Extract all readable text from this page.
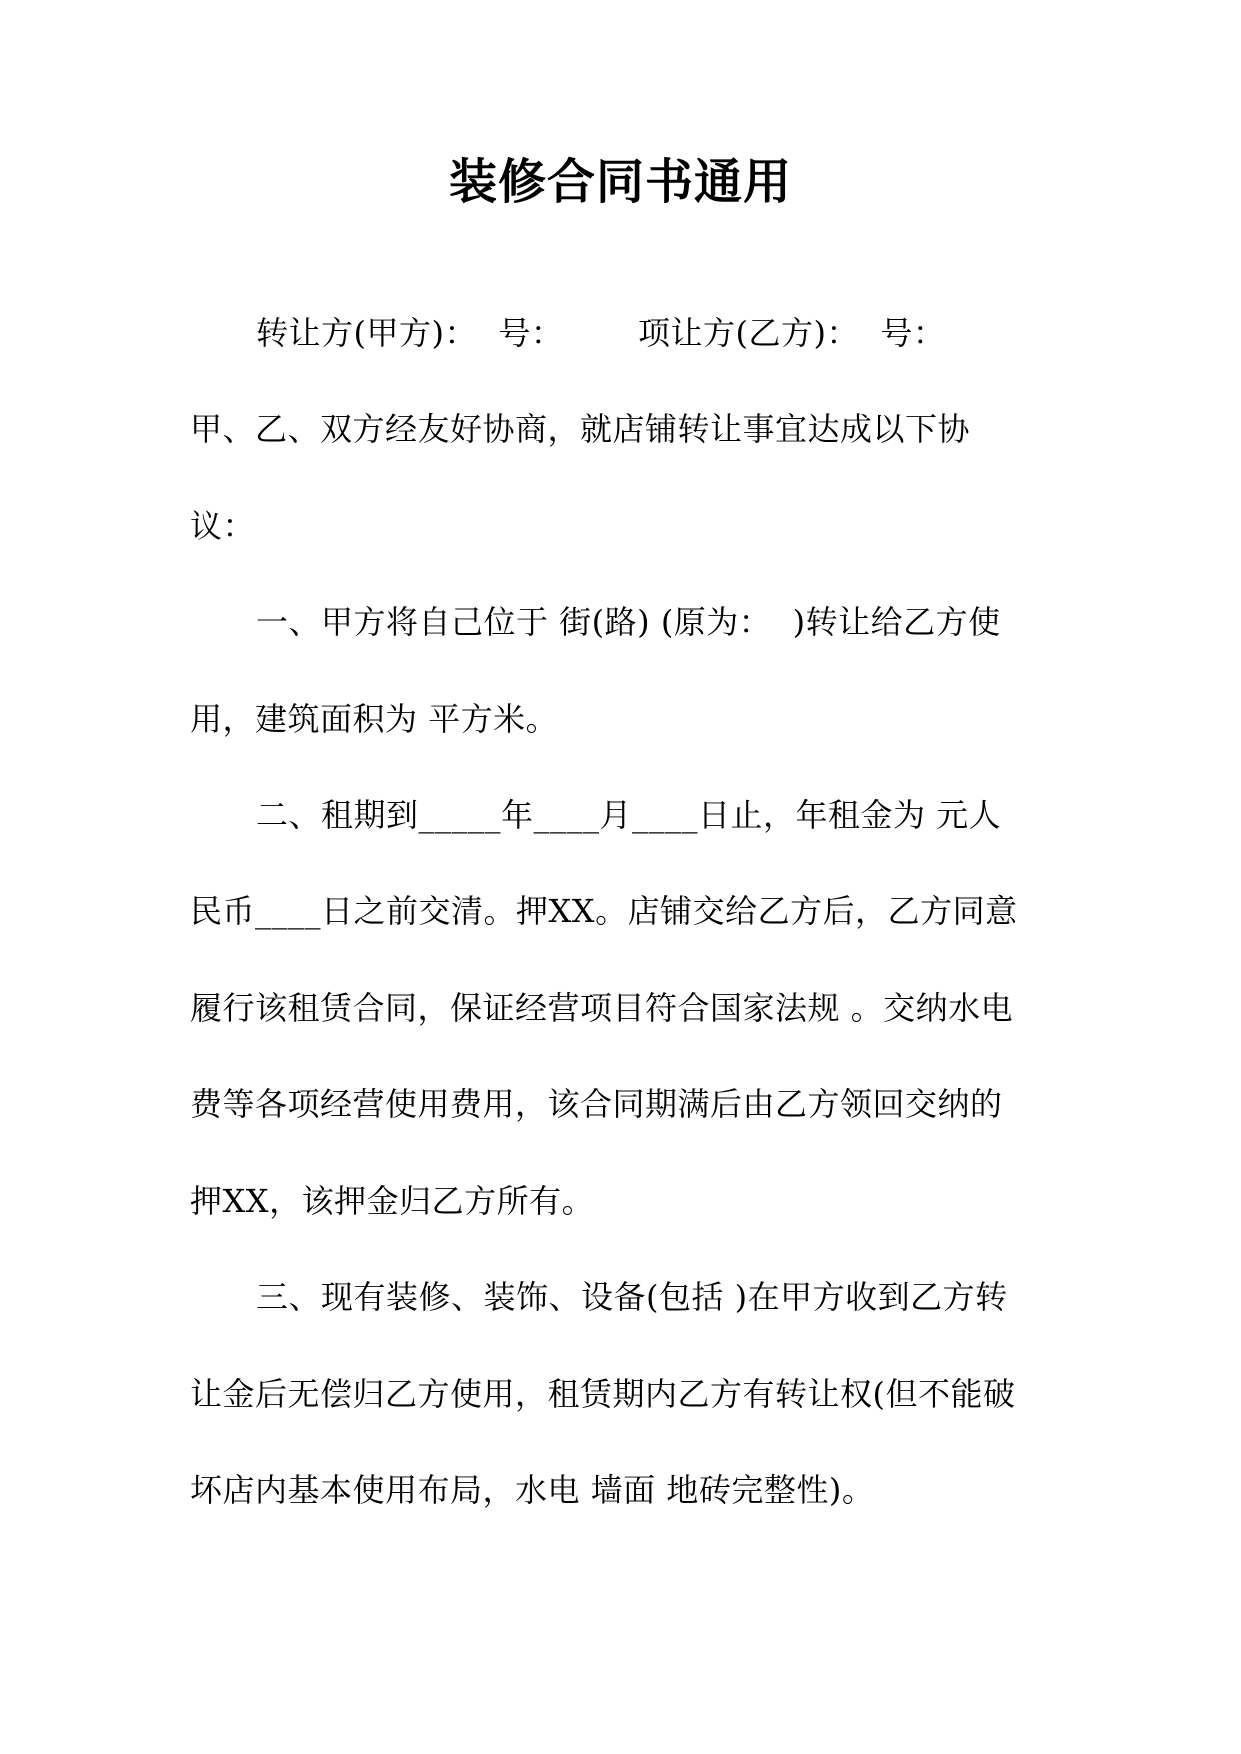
装修合同书通用
转让方(甲方)：  号：       项让方(乙方)：  号：
甲、乙、双方经友好协商，就店铺转让事宜达成以下协
议：
一、甲方将自己位于 街(路) (原为：  )转让给乙方使
用，建筑面积为 平方米。
二、租期到_____年____月____日止，年租金为 元人
民币____日之前交清。押XX。店铺交给乙方后，乙方同意
履行该租赁合同，保证经营项目符合国家法规 。交纳水电
费等各项经营使用费用，该合同期满后由乙方领回交纳的
押XX，该押金归乙方所有。
三、现有装修、装饰、设备(包括 )在甲方收到乙方转
让金后无偿归乙方使用，租赁期内乙方有转让权(但不能破
坏店内基本使用布局，水电 墙面 地砖完整性)。
